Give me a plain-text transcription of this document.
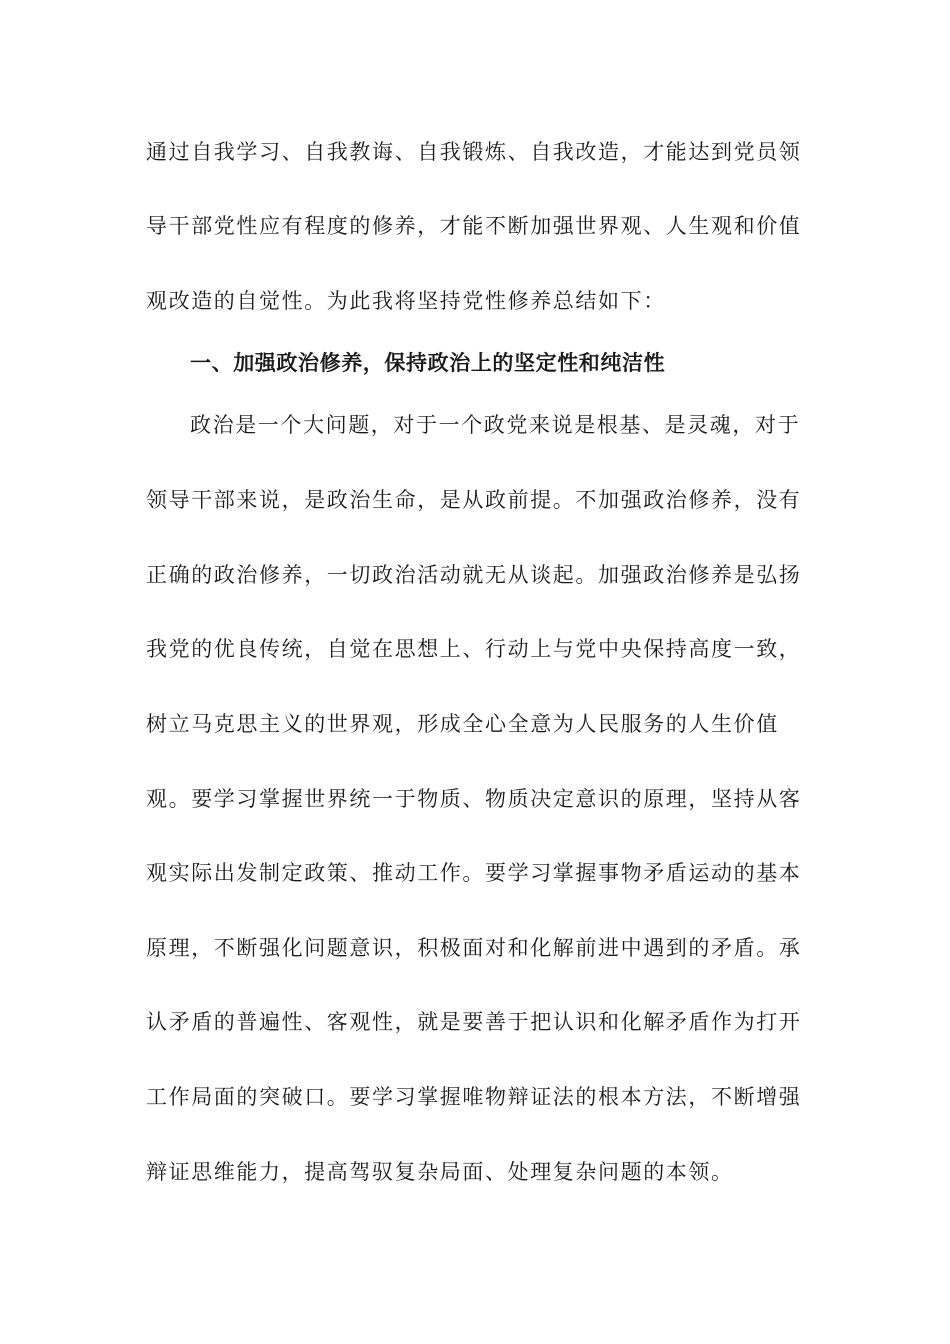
通过自我学习、自我教诲、自我锻炼、自我改造，才能达到党员领
导干部党性应有程度的修养，才能不断加强世界观、人生观和价值
观改造的自觉性。为此我将坚持党性修养总结如下：
一、加强政治修养，保持政治上的坚定性和纯洁性
政治是一个大问题，对于一个政党来说是根基、是灵魂，对于
领导干部来说，是政治生命，是从政前提。不加强政治修养，没有
正确的政治修养，一切政治活动就无从谈起。加强政治修养是弘扬
我党的优良传统，自觉在思想上、行动上与党中央保持高度一致，
树立马克思主义的世界观，形成全心全意为人民服务的人生价值
观。要学习掌握世界统一于物质、物质决定意识的原理，坚持从客
观实际出发制定政策、推动工作。要学习掌握事物矛盾运动的基本
原理，不断强化问题意识，积极面对和化解前进中遇到的矛盾。承
认矛盾的普遍性、客观性，就是要善于把认识和化解矛盾作为打开
工作局面的突破口。要学习掌握唯物辩证法的根本方法，不断增强
辩证思维能力，提高驾驭复杂局面、处理复杂问题的本领。
